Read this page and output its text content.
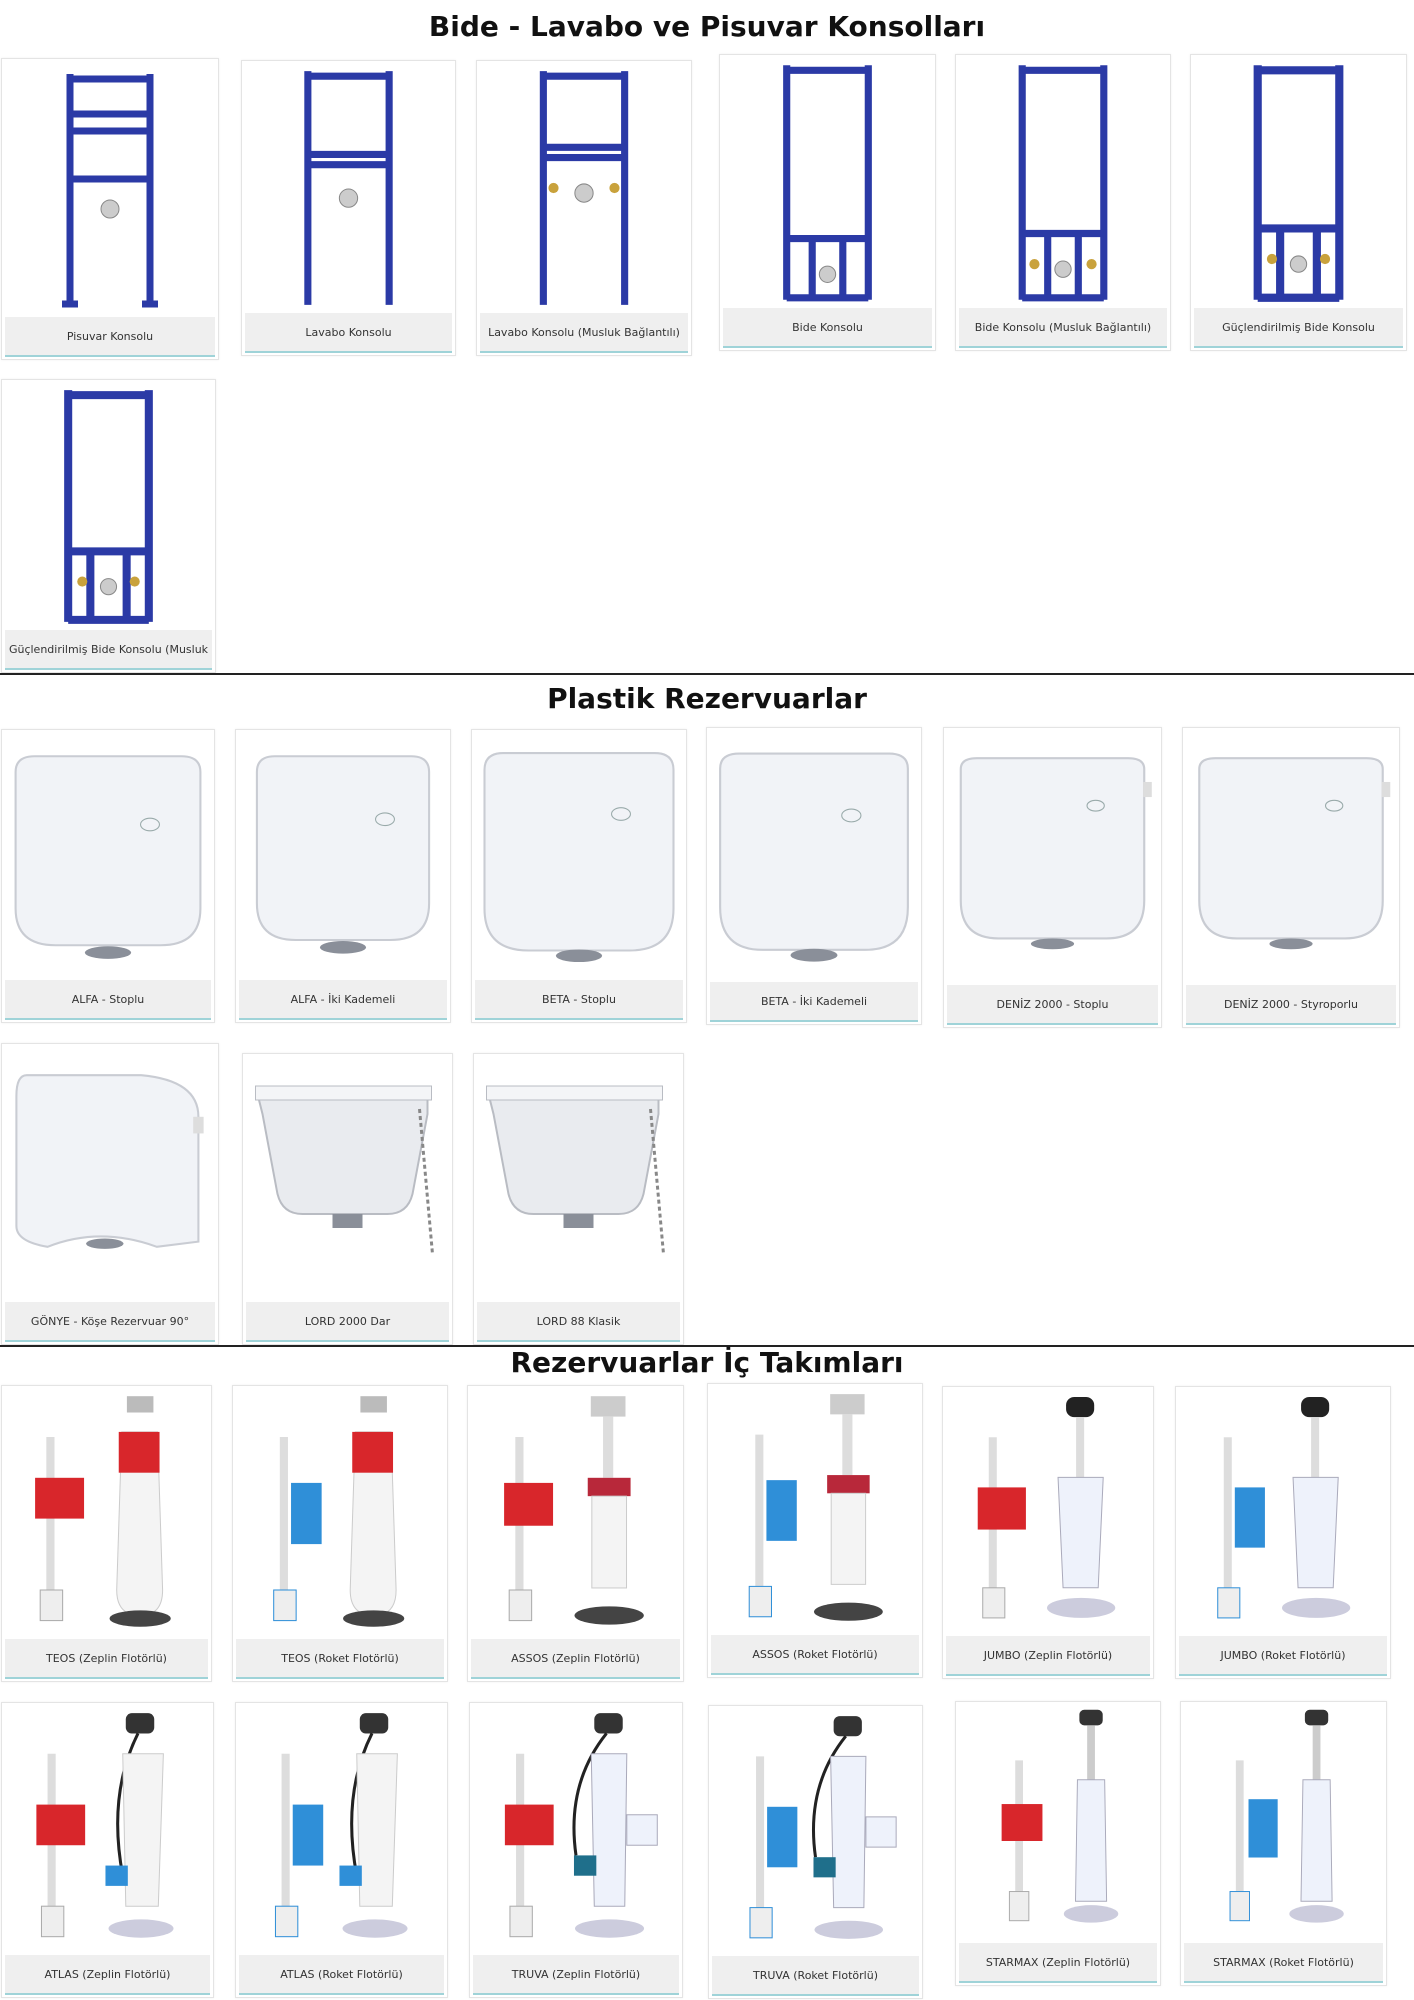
Bide - Lavabo ve Pisuvar Konsolları
Pisuvar Konsolu	Lavabo Konsolu	Lavabo Konsolu (Musluk Bağlantılı)	Bide Konsolu	Bide Konsolu (Musluk Bağlantılı)	Güçlendirilmiş Bide Konsolu
Güçlendirilmiş Bide Konsolu (Musluk
Plastik Rezervuarlar
ALFA - Stoplu	ALFA - İki Kademeli	BETA - Stoplu	BETA - İki Kademeli	DENİZ 2000 - Stoplu	DENİZ 2000 - Styroporlu
GÖNYE - Köşe Rezervuar 90°	LORD 2000 Dar	LORD 88 Klasik
Rezervuarlar İç Takımları
TEOS (Zeplin Flotörlü)	TEOS (Roket Flotörlü)	ASSOS (Zeplin Flotörlü)	ASSOS (Roket Flotörlü)	JUMBO (Zeplin Flotörlü)	JUMBO (Roket Flotörlü)
ATLAS (Zeplin Flotörlü)	ATLAS (Roket Flotörlü)	TRUVA (Zeplin Flotörlü)	TRUVA (Roket Flotörlü)
STARMAX (Zeplin Flotörlü)	STARMAX (Roket Flotörlü)
